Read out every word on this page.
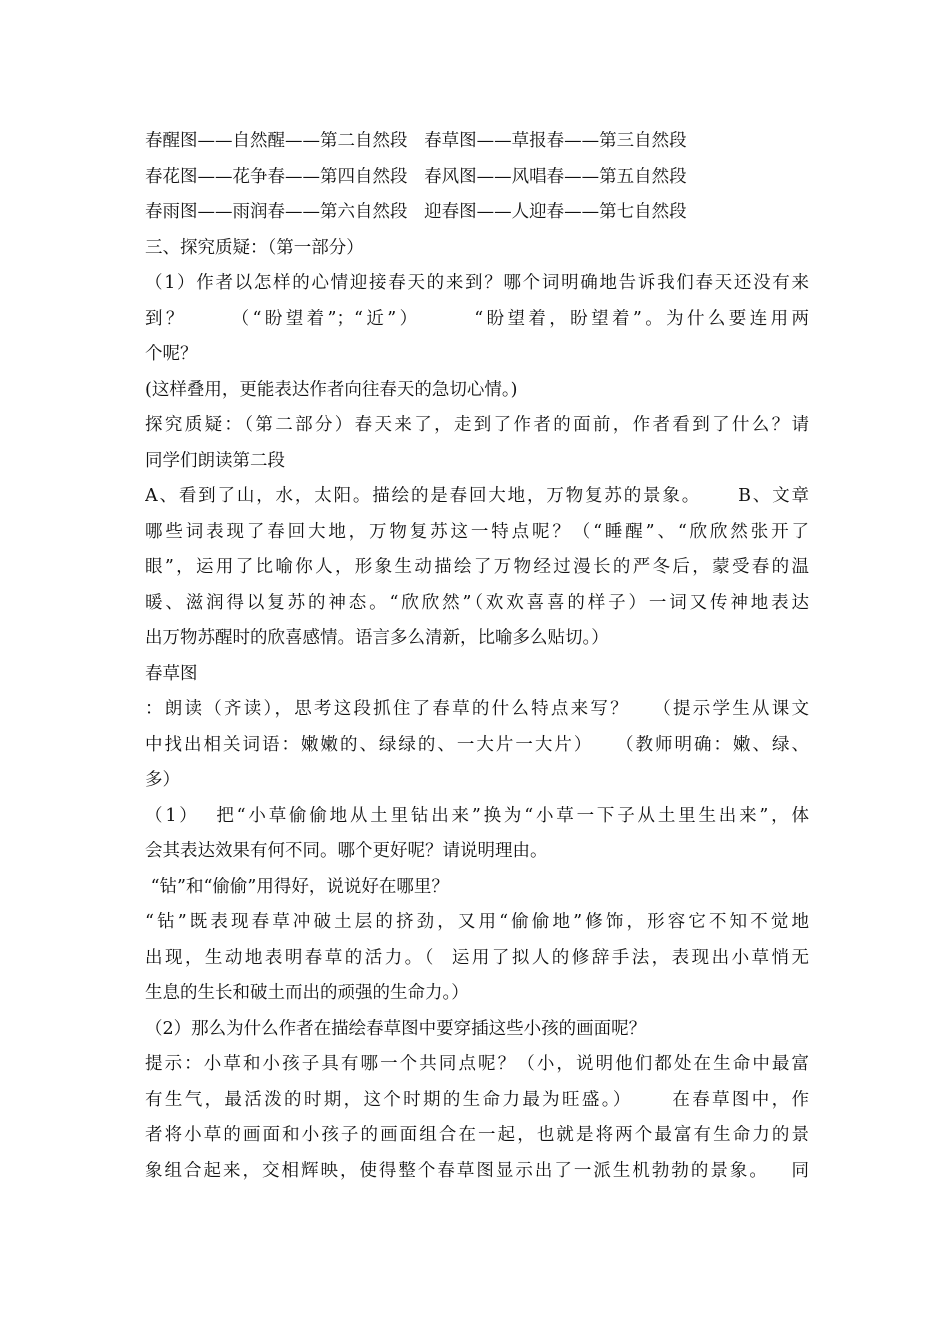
春醒图——自然醒——第二自然段   春草图——草报春——第三自然段
春花图——花争春——第四自然段   春风图——风唱春——第五自然段
春雨图——雨润春——第六自然段   迎春图——人迎春——第七自然段
三、探究质疑：（第一部分）
（1）作者以怎样的心情迎接春天的来到？哪个词明确地告诉我们春天还没有来
到？     （“盼望着”；“近”）      “盼望着，盼望着”。为什么要连用两
个呢？
(这样叠用，更能表达作者向往春天的急切心情。)
探究质疑：（第二部分）春天来了，走到了作者的面前，作者看到了什么？请
同学们朗读第二段
A、看到了山，水，太阳。描绘的是春回大地，万物复苏的景象。     B、文章
哪些词表现了春回大地，万物复苏这一特点呢？（“睡醒”、“欣欣然张开了
眼”，运用了比喻你人，形象生动描绘了万物经过漫长的严冬后，蒙受春的温
暖、滋润得以复苏的神态。“欣欣然”（欢欢喜喜的样子）一词又传神地表达
出万物苏醒时的欣喜感情。语言多么清新，比喻多么贴切。）
春草图
：朗读（齐读），思考这段抓住了春草的什么特点来写？   （提示学生从课文
中找出相关词语：嫩嫩的、绿绿的、一大片一大片）   （教师明确：嫩、绿、
多）
（1）  把“小草偷偷地从土里钻出来”换为“小草一下子从土里生出来”，体
会其表达效果有何不同。哪个更好呢？请说明理由。
“钻”和“偷偷”用得好，说说好在哪里？
“钻”既表现春草冲破土层的挤劲，又用“偷偷地”修饰，形容它不知不觉地
出现，生动地表明春草的活力。（  运用了拟人的修辞手法，表现出小草悄无
生息的生长和破土而出的顽强的生命力。）
（2）那么为什么作者在描绘春草图中要穿插这些小孩的画面呢？
提示：小草和小孩子具有哪一个共同点呢？（小，说明他们都处在生命中最富
有生气，最活泼的时期，这个时期的生命力最为旺盛。）     在春草图中，作
者将小草的画面和小孩子的画面组合在一起，也就是将两个最富有生命力的景
象组合起来，交相辉映，使得整个春草图显示出了一派生机勃勃的景象。   同
